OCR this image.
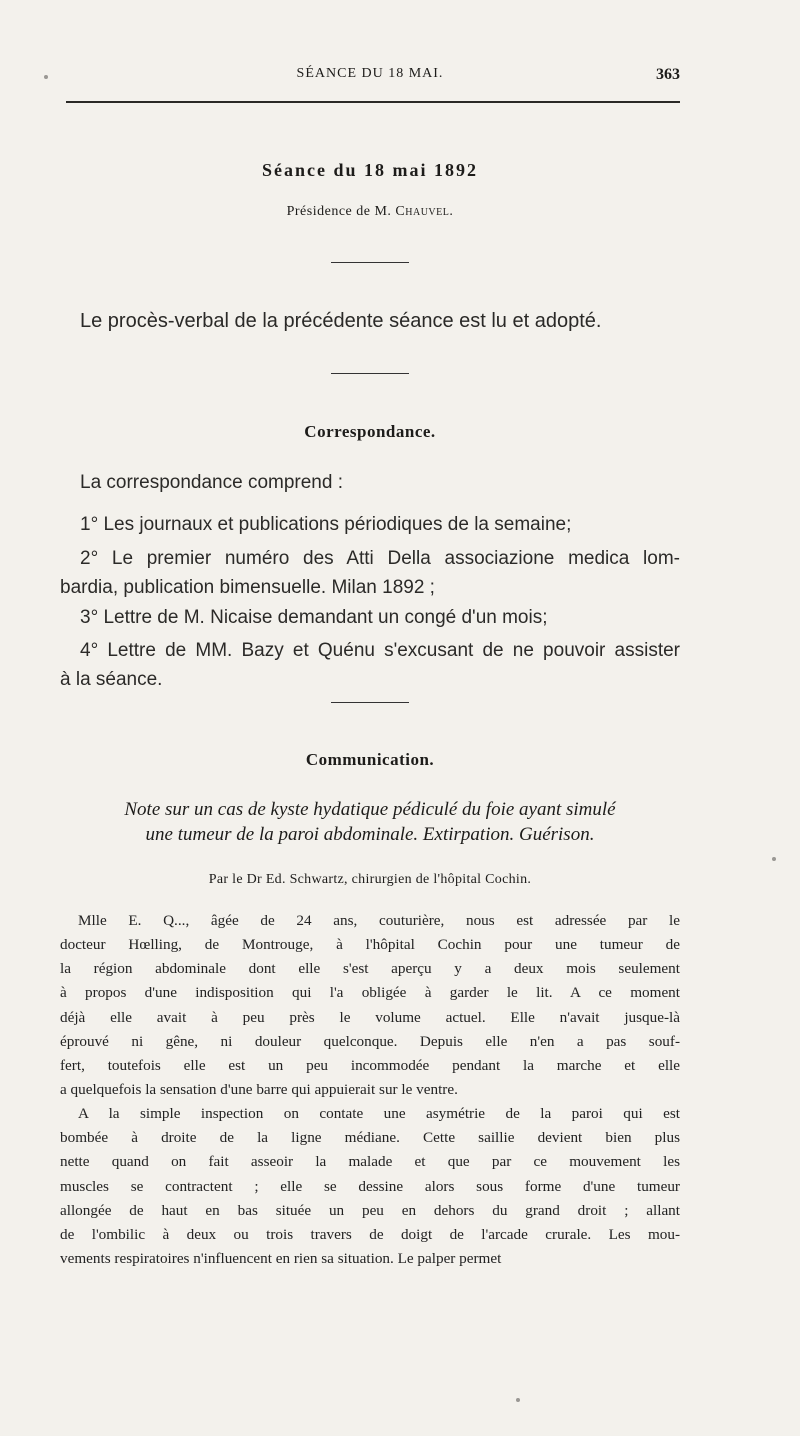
SÉANCE DU 18 MAI.	363
Séance du 18 mai 1892
Présidence de M. Chauvel.
Le procès-verbal de la précédente séance est lu et adopté.
Correspondance.
La correspondance comprend :
1° Les journaux et publications périodiques de la semaine;
2° Le premier numéro des Atti Della associazione medica lom-
bardia, publication bimensuelle. Milan 1892 ;
3° Lettre de M. Nicaise demandant un congé d'un mois;
4° Lettre de MM. Bazy et Quénu s'excusant de ne pouvoir assister
à la séance.
Communication.
Note sur un cas de kyste hydatique pédiculé du foie ayant simulé
une tumeur de la paroi abdominale. Extirpation. Guérison.
Par le Dr Ed. Schwartz, chirurgien de l'hôpital Cochin.
Mlle E. Q..., âgée de 24 ans, couturière, nous est adressée par le
docteur Hœlling, de Montrouge, à l'hôpital Cochin pour une tumeur de
la région abdominale dont elle s'est aperçu y a deux mois seulement
à propos d'une indisposition qui l'a obligée à garder le lit. A ce moment
déjà elle avait à peu près le volume actuel. Elle n'avait jusque-là
éprouvé ni gêne, ni douleur quelconque. Depuis elle n'en a pas souf-
fert, toutefois elle est un peu incommodée pendant la marche et elle
a quelquefois la sensation d'une barre qui appuierait sur le ventre.
A la simple inspection on contate une asymétrie de la paroi qui est
bombée à droite de la ligne médiane. Cette saillie devient bien plus
nette quand on fait asseoir la malade et que par ce mouvement les
muscles se contractent ; elle se dessine alors sous forme d'une tumeur
allongée de haut en bas située un peu en dehors du grand droit ; allant
de l'ombilic à deux ou trois travers de doigt de l'arcade crurale. Les mou-
vements respiratoires n'influencent en rien sa situation. Le palper permet
